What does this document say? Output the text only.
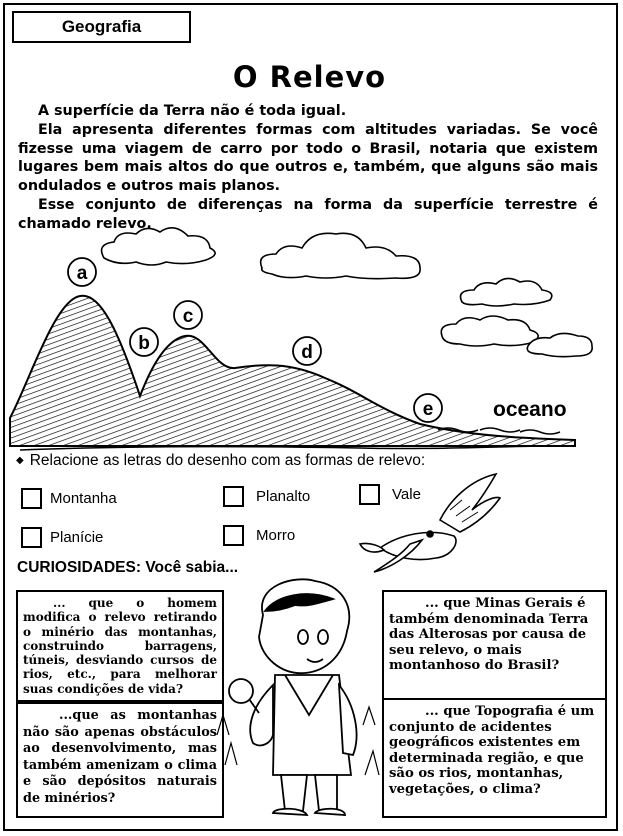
Geografia
O Relevo

A superfície da Terra não é toda igual.

Ela apresenta diferentes formas com altitudes variadas. Se você fizesse uma viagem de carro por todo o Brasil, notaria que existem lugares bem mais altos do que outros e, também, que alguns são mais ondulados e outros mais planos.

Esse conjunto de diferenças na forma da superfície terrestre é chamado relevo.

a
b
c
d
e	oceano
◆ Relacione as letras do desenho com as formas de relevo:
Montanha	Planalto	Vale
Planície	Morro
CURIOSIDADES: Você sabia...

... que o homem modifica o relevo retirando o minério das montanhas, construindo barragens, túneis, desviando cursos de rios, etc., para melhorar suas condições de vida?

...que as montanhas não são apenas obstáculos ao desenvolvimento, mas também amenizam o clima e são depósitos naturais de minérios?

... que Minas Gerais é também denominada Terra das Alterosas por causa de seu relevo, o mais montanhoso do Brasil?

... que Topografia é um conjunto de acidentes geográficos existentes em determinada região, e que são os rios, montanhas, vegetações, o clima?
